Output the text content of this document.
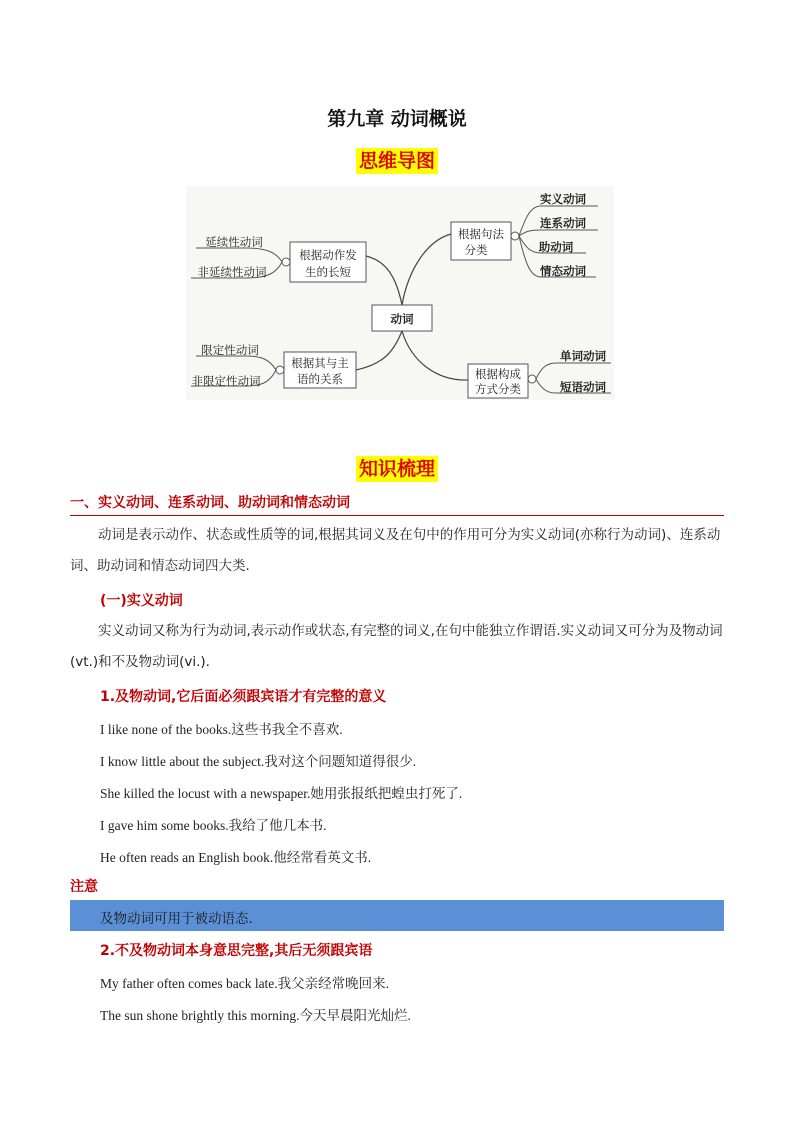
第九章 动词概说
思维导图
动词
根据动作发
生的长短
延续性动词
非延续性动词
根据其与主
语的关系
限定性动词
非限定性动词
根据句法
分类
实义动词
连系动词
助动词
情态动词
根据构成
方式分类
单词动词
短语动词
知识梳理
一、实义动词、连系动词、助动词和情态动词

动词是表示动作、状态或性质等的词,根据其词义及在句中的作用可分为实义动词(亦称行为动词)、连系动词、助动词和情态动词四大类.

(一)实义动词

实义动词又称为行为动词,表示动作或状态,有完整的词义,在句中能独立作谓语.实义动词又可分为及物动词(vt.)和不及物动词(vi.).

1.及物动词,它后面必须跟宾语才有完整的意义
I like none of the books.这些书我全不喜欢.
I know little about the subject.我对这个问题知道得很少.
She killed the locust with a newspaper.她用张报纸把蝗虫打死了.
I gave him some books.我给了他几本书.
He often reads an English book.他经常看英文书.
注意
及物动词可用于被动语态.
2.不及物动词本身意思完整,其后无须跟宾语
My father often comes back late.我父亲经常晚回来.
The sun shone brightly this morning.今天早晨阳光灿烂.
